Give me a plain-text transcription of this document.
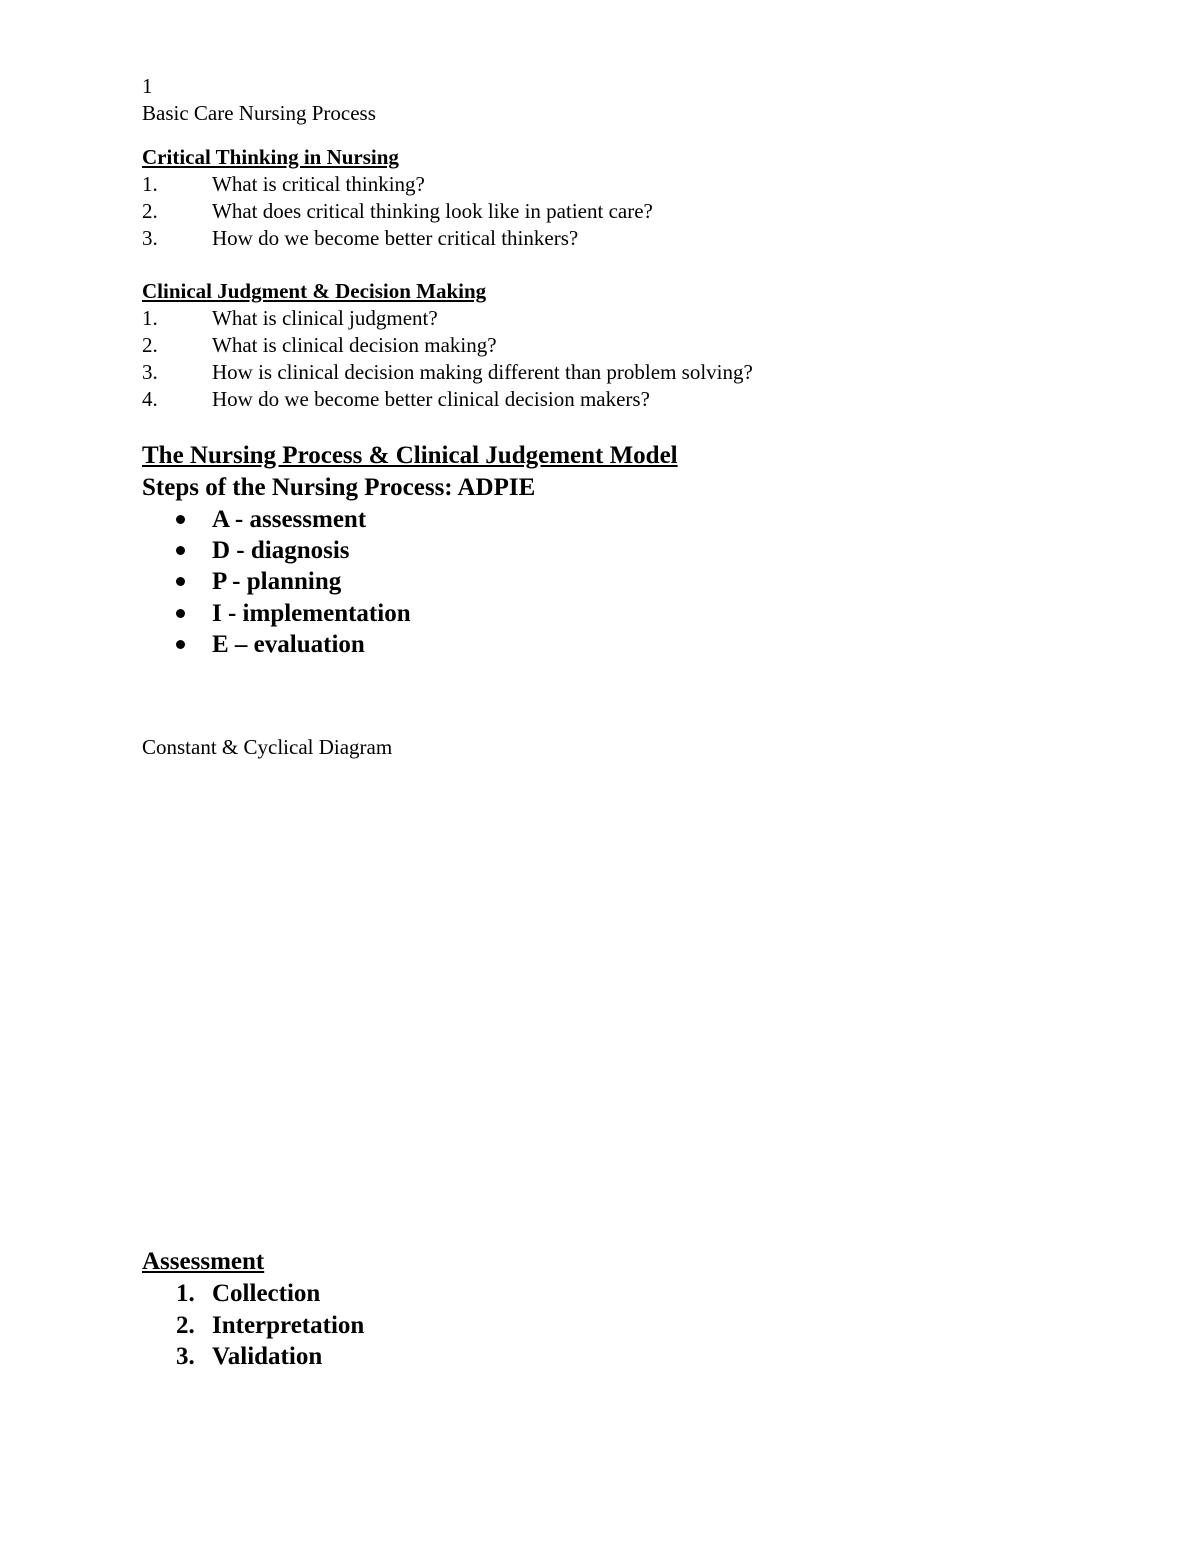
1
Basic Care Nursing Process
Critical Thinking in Nursing
1.	What is critical thinking?
2.	What does critical thinking look like in patient care?
3.	How do we become better critical thinkers?
Clinical Judgment & Decision Making
1.	What is clinical judgment?
2.	What is clinical decision making?
3.	How is clinical decision making different than problem solving?
4.	How do we become better clinical decision makers?
The Nursing Process & Clinical Judgement Model
Steps of the Nursing Process: ADPIE
A - assessment
D - diagnosis
P - planning
I - implementation
E – evaluation
Constant & Cyclical Diagram
Assessment
1. Collection
2. Interpretation
3. Validation
